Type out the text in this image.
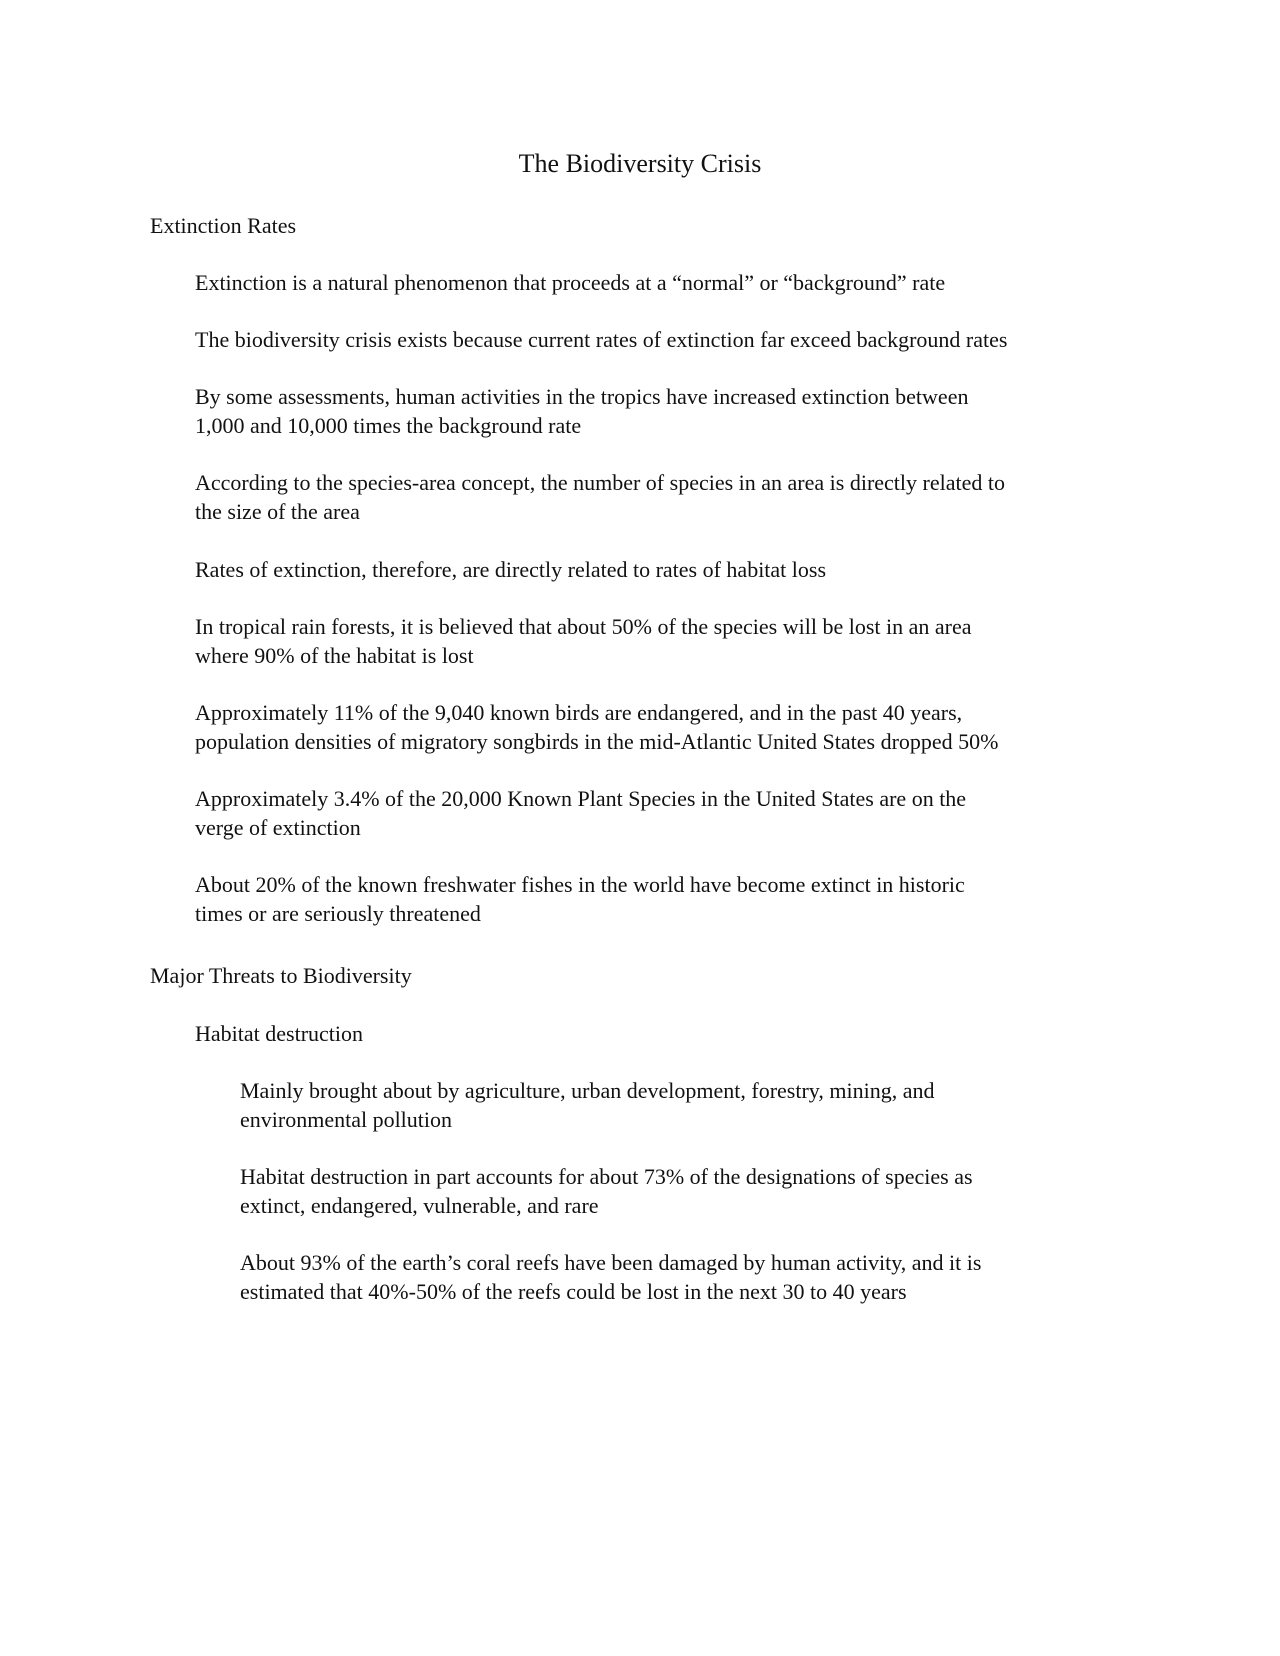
The Biodiversity Crisis
Extinction Rates

Extinction is a natural phenomenon that proceeds at a “normal” or “background” rate

The biodiversity crisis exists because current rates of extinction far exceed background rates

By some assessments, human activities in the tropics have increased extinction between
1,000 and 10,000 times the background rate

According to the species-area concept, the number of species in an area is directly related to
the size of the area

Rates of extinction, therefore, are directly related to rates of habitat loss

In tropical rain forests, it is believed that about 50% of the species will be lost in an area
where 90% of the habitat is lost

Approximately 11% of the 9,040 known birds are endangered, and in the past 40 years,
population densities of migratory songbirds in the mid-Atlantic United States dropped 50%

Approximately 3.4% of the 20,000 Known Plant Species in the United States are on the
verge of extinction

About 20% of the known freshwater fishes in the world have become extinct in historic
times or are seriously threatened

Major Threats to Biodiversity

Habitat destruction

Mainly brought about by agriculture, urban development, forestry, mining, and
environmental pollution

Habitat destruction in part accounts for about 73% of the designations of species as
extinct, endangered, vulnerable, and rare

About 93% of the earth’s coral reefs have been damaged by human activity, and it is
estimated that 40%-50% of the reefs could be lost in the next 30 to 40 years
